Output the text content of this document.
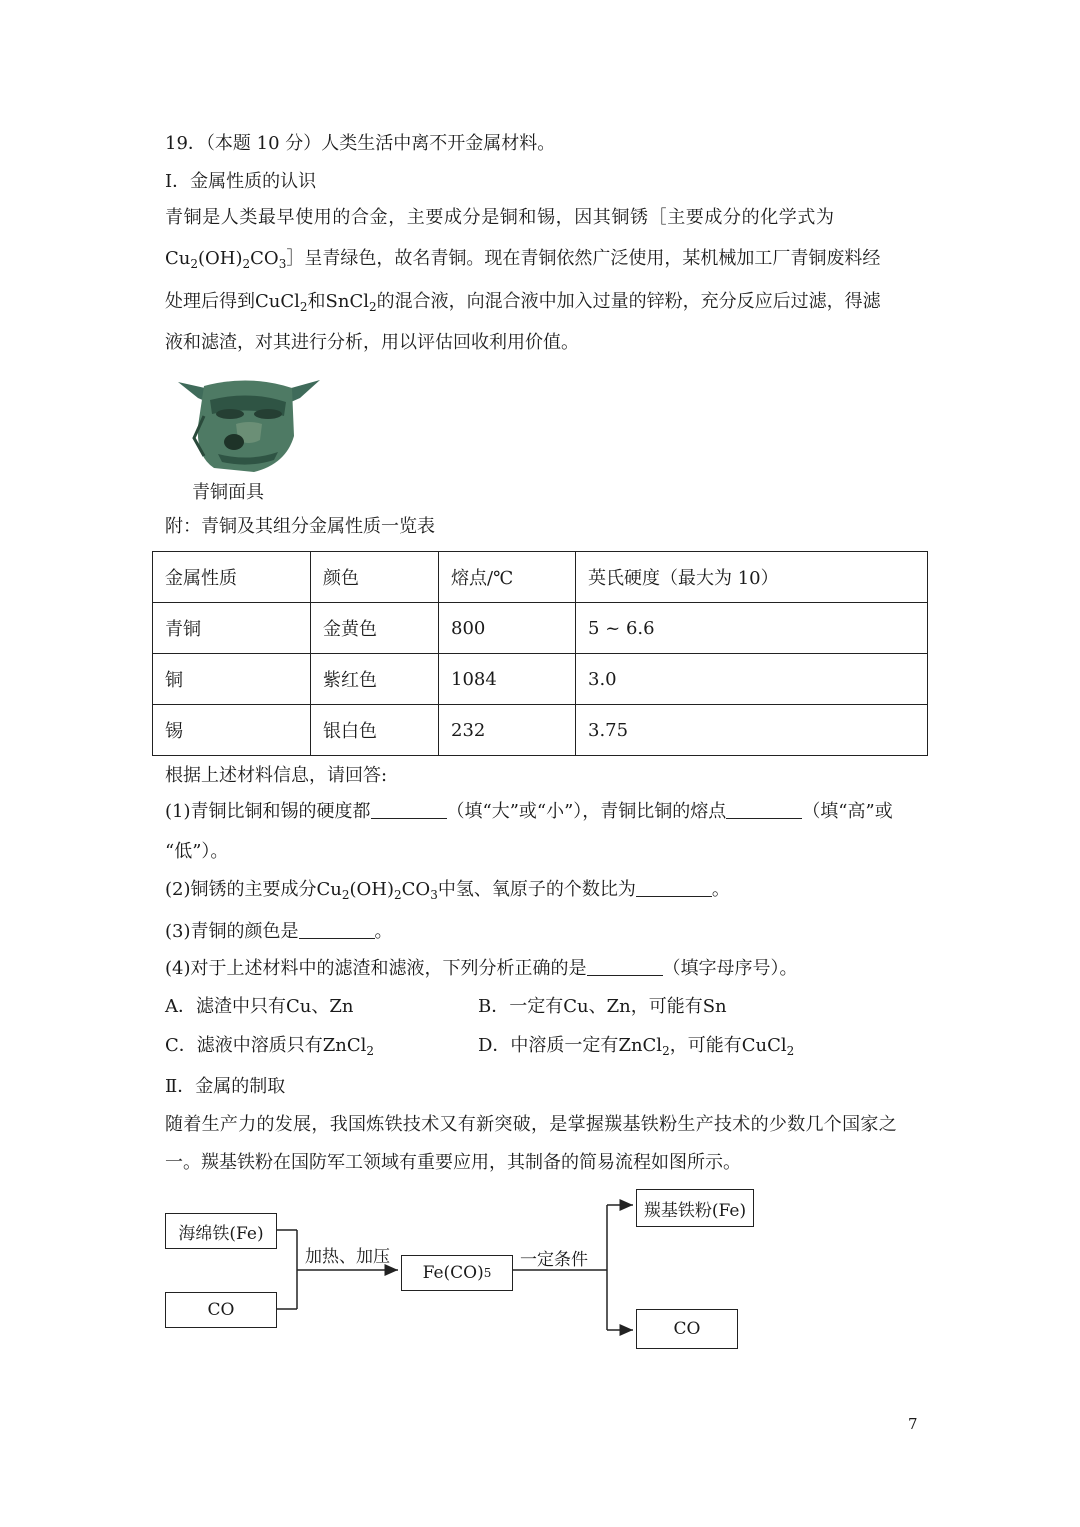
19．（本题 10 分）人类生活中离不开金属材料。
I．金属性质的认识
青铜是人类最早使用的合金，主要成分是铜和锡，因其铜锈［主要成分的化学式为
$Cu_2(OH)_2CO_3]$呈青绿色，故名青铜。现在青铜依然广泛使用，某机械加工厂青铜废料经
处理后得到CuCl$_2$和SnCl$_2$的混合液，向混合液中加入过量的锌粉，充分反应后过滤，得滤
液和滤渣，对其进行分析，用以评估回收利用价值。
青铜面具
附：青铜及其组分金属性质一览表
金属性质	颜色	熔点/℃	英氏硬度（最大为 10）
青铜	金黄色	800	5 ~ 6.6
铜	紫红色	1084	3.0
锡	银白色	232	3.75
根据上述材料信息，请回答:
(1)青铜比铜和锡的硬度都	（填“大”或“小”），青铜比铜的熔点	（填“高”或
“低”）。
(2)铜锈的主要成分$Cu_2(OH)_2CO_3$中氢、氧原子的个数比为	。
(3)青铜的颜色是	。
(4)对于上述材料中的滤渣和滤液，下列分析正确的是	（填字母序号）。
A．滤渣中只有Cu、Zn	B．一定有Cu、Zn，可能有Sn
C．滤液中溶质只有ZnCl$_2$	D．中溶质一定有ZnCl$_2$，可能有CuCl$_2$
Ⅱ．金属的制取
随着生产力的发展，我国炼铁技术又有新突破，是掌握羰基铁粉生产技术的少数几个国家之
一。羰基铁粉在国防军工领域有重要应用，其制备的简易流程如图所示。
海绵铁(Fe)
CO
加热、加压
Fe(CO) 5
一定条件
羰基铁粉(Fe)
CO
7
